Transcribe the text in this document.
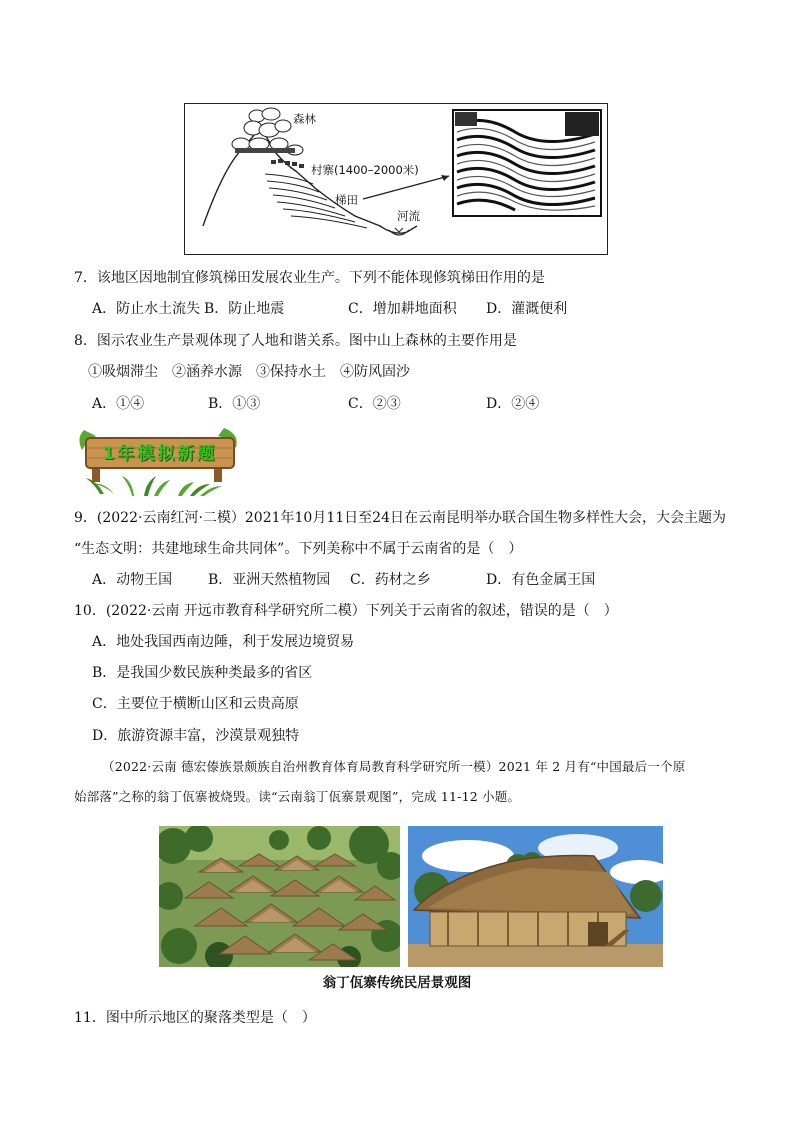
森林
村寨(1400–2000米)
梯田
河流
7．该地区因地制宜修筑梯田发展农业生产。下列不能体现修筑梯田作用的是
A．防止水土流失 B．防止地震	C．增加耕地面积 D．灌溉便利
8．图示农业生产景观体现了人地和谐关系。图中山上森林的主要作用是
①吸烟滞尘　②涵养水源　③保持水土　④防风固沙
A．①④	B．①③	C．②③	D．②④
1年模拟新题
9．(2022·云南红河·二模）2021年10月11日至24日在云南昆明举办联合国生物多样性大会，大会主题为
“生态文明：共建地球生命共同体”。下列美称中不属于云南省的是（　）
A．动物王国	B．亚洲天然植物园 C．药材之乡	D．有色金属王国
10．(2022·云南 开远市教育科学研究所二模）下列关于云南省的叙述，错误的是（　）
A．地处我国西南边陲，利于发展边境贸易
B．是我国少数民族种类最多的省区
C．主要位于横断山区和云贵高原
D．旅游资源丰富，沙漠景观独特
（2022·云南 德宏傣族景颇族自治州教育体育局教育科学研究所一模）2021 年 2 月有“中国最后一个原
始部落”之称的翁丁佤寨被烧毁。读“云南翁丁佤寨景观图”，完成 11-12 小题。
翁丁佤寨传统民居景观图
11．图中所示地区的聚落类型是（　）
